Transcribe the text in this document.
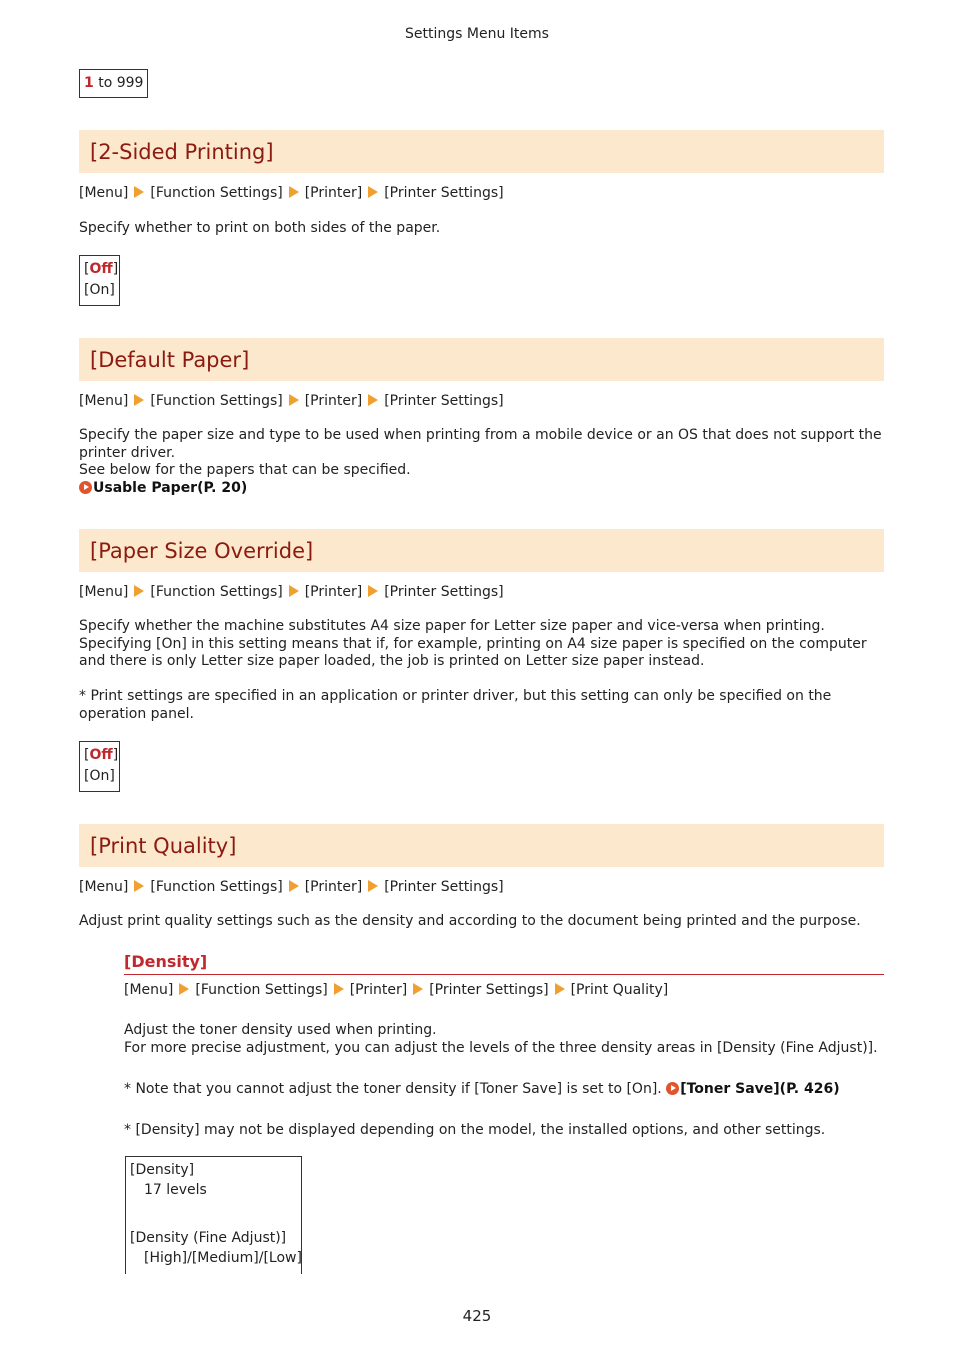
Settings Menu Items
1 to 999
[2-Sided Printing]
[Menu] [Function Settings] [Printer] [Printer Settings]
Specify whether to print on both sides of the paper.
[Off]
[On]
[Default Paper]
[Menu] [Function Settings] [Printer] [Printer Settings]
Specify the paper size and type to be used when printing from a mobile device or an OS that does not support the printer driver.
See below for the papers that can be specified.
Usable Paper(P. 20)
[Paper Size Override]
[Menu] [Function Settings] [Printer] [Printer Settings]
Specify whether the machine substitutes A4 size paper for Letter size paper and vice-versa when printing.
Specifying [On] in this setting means that if, for example, printing on A4 size paper is specified on the computer and there is only Letter size paper loaded, the job is printed on Letter size paper instead.
* Print settings are specified in an application or printer driver, but this setting can only be specified on the operation panel.
[Off]
[On]
[Print Quality]
[Menu] [Function Settings] [Printer] [Printer Settings]
Adjust print quality settings such as the density and according to the document being printed and the purpose.
[Density]
[Menu] [Function Settings] [Printer] [Printer Settings] [Print Quality]
Adjust the toner density used when printing.
For more precise adjustment, you can adjust the levels of the three density areas in [Density (Fine Adjust)].
* Note that you cannot adjust the toner density if [Toner Save] is set to [On]. [Toner Save](P. 426)
* [Density] may not be displayed depending on the model, the installed options, and other settings.
[Density]
17 levels
[Density (Fine Adjust)]
[High]/[Medium]/[Low]
425
